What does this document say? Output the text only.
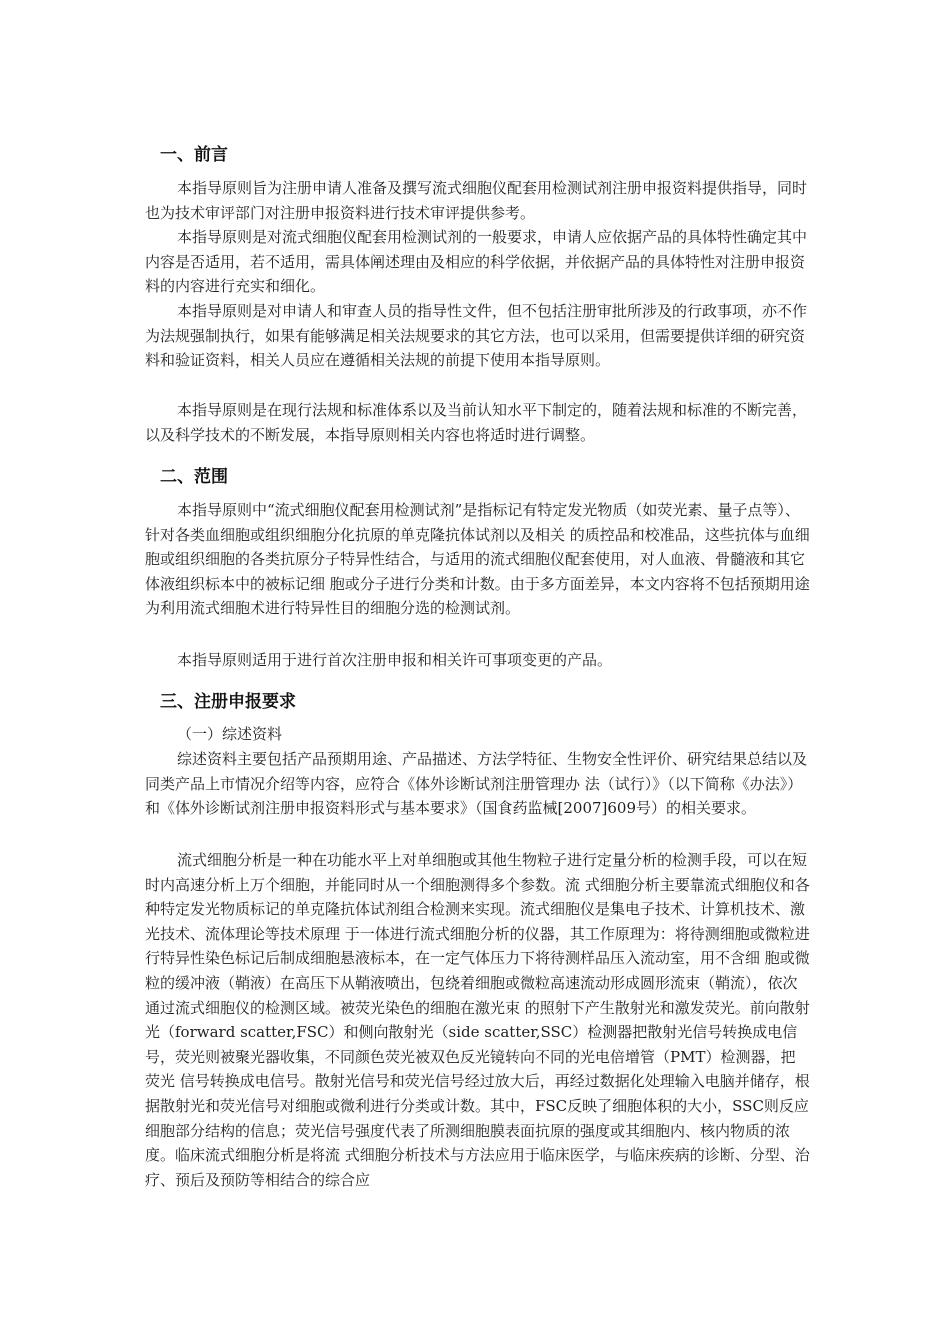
一、前言

本指导原则旨为注册申请人准备及撰写流式细胞仪配套用检测试剂注册申报资料提供指导，同时也为技术审评部门对注册申报资料进行技术审评提供参考。

本指导原则是对流式细胞仪配套用检测试剂的一般要求，申请人应依据产品的具体特性确定其中内容是否适用，若不适用，需具体阐述理由及相应的科学依据，并依据产品的具体特性对注册申报资料的内容进行充实和细化。

本指导原则是对申请人和审查人员的指导性文件，但不包括注册审批所涉及的行政事项，亦不作为法规强制执行，如果有能够满足相关法规要求的其它方法，也可以采用，但需要提供详细的研究资料和验证资料，相关人员应在遵循相关法规的前提下使用本指导原则。

本指导原则是在现行法规和标准体系以及当前认知水平下制定的，随着法规和标准的不断完善，以及科学技术的不断发展，本指导原则相关内容也将适时进行调整。

二、范围

本指导原则中“流式细胞仪配套用检测试剂”是指标记有特定发光物质（如荧光素、量子点等）、针对各类血细胞或组织细胞分化抗原的单克隆抗体试剂以及相关 的质控品和校准品，这些抗体与血细胞或组织细胞的各类抗原分子特异性结合，与适用的流式细胞仪配套使用，对人血液、骨髓液和其它体液组织标本中的被标记细 胞或分子进行分类和计数。由于多方面差异，本文内容将不包括预期用途为利用流式细胞术进行特异性目的细胞分选的检测试剂。

本指导原则适用于进行首次注册申报和相关许可事项变更的产品。

三、注册申报要求

（一）综述资料

综述资料主要包括产品预期用途、产品描述、方法学特征、生物安全性评价、研究结果总结以及同类产品上市情况介绍等内容，应符合《体外诊断试剂注册管理办 法（试行）》（以下简称《办法》）和《体外诊断试剂注册申报资料形式与基本要求》（国食药监械[2007]609号）的相关要求。

流式细胞分析是一种在功能水平上对单细胞或其他生物粒子进行定量分析的检测手段，可以在短时内高速分析上万个细胞，并能同时从一个细胞测得多个参数。流 式细胞分析主要靠流式细胞仪和各种特定发光物质标记的单克隆抗体试剂组合检测来实现。流式细胞仪是集电子技术、计算机技术、激光技术、流体理论等技术原理 于一体进行流式细胞分析的仪器，其工作原理为：将待测细胞或微粒进行特异性染色标记后制成细胞悬液标本，在一定气体压力下将待测样品压入流动室，用不含细 胞或微粒的缓冲液（鞘液）在高压下从鞘液喷出，包绕着细胞或微粒高速流动形成圆形流束（鞘流），依次通过流式细胞仪的检测区域。被荧光染色的细胞在激光束 的照射下产生散射光和激发荧光。前向散射光（forward scatter,FSC）和侧向散射光（side scatter,SSC）检测器把散射光信号转换成电信号，荧光则被聚光器收集，不同颜色荧光被双色反光镜转向不同的光电倍增管（PMT）检测器，把荧光 信号转换成电信号。散射光信号和荧光信号经过放大后，再经过数据化处理输入电脑并储存，根据散射光和荧光信号对细胞或微利进行分类或计数。其中，FSC反映了细胞体积的大小，SSC则反应细胞部分结构的信息；荧光信号强度代表了所测细胞膜表面抗原的强度或其细胞内、核内物质的浓度。临床流式细胞分析是将流 式细胞分析技术与方法应用于临床医学，与临床疾病的诊断、分型、治疗、预后及预防等相结合的综合应
